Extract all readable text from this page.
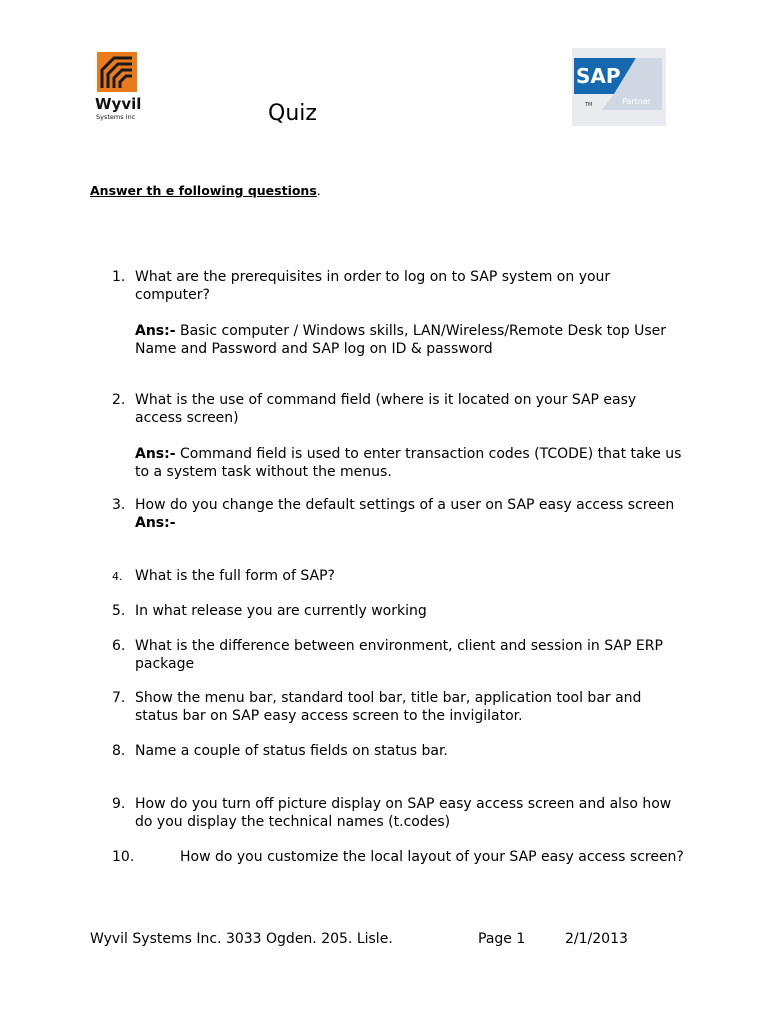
Wyvil
Systems Inc
SAP
TM	Partner
Quiz
Answer th e following questions.
1. What are the prerequisites in order to log on to SAP system on your computer?
Ans:- Basic computer / Windows skills, LAN/Wireless/Remote Desk top User Name and Password and SAP log on ID & password
2. What is the use of command field (where is it located on your SAP easy access screen)
Ans:- Command field is used to enter transaction codes (TCODE) that take us to a system task without the menus.
3. How do you change the default settings of a user on SAP easy access screen
Ans:-
4. What is the full form of SAP?
5. In what release you are currently working
6. What is the difference between environment, client and session in SAP ERP package
7. Show the menu bar, standard tool bar, title bar, application tool bar and status bar on SAP easy access screen to the invigilator.
8. Name a couple of status fields on status bar.
9. How do you turn off picture display on SAP easy access screen and also how do you display the technical names (t.codes)
10.	How do you customize the local layout of your SAP easy access screen?
Wyvil Systems Inc. 3033 Ogden. 205. Lisle.	Page 1	2/1/2013
